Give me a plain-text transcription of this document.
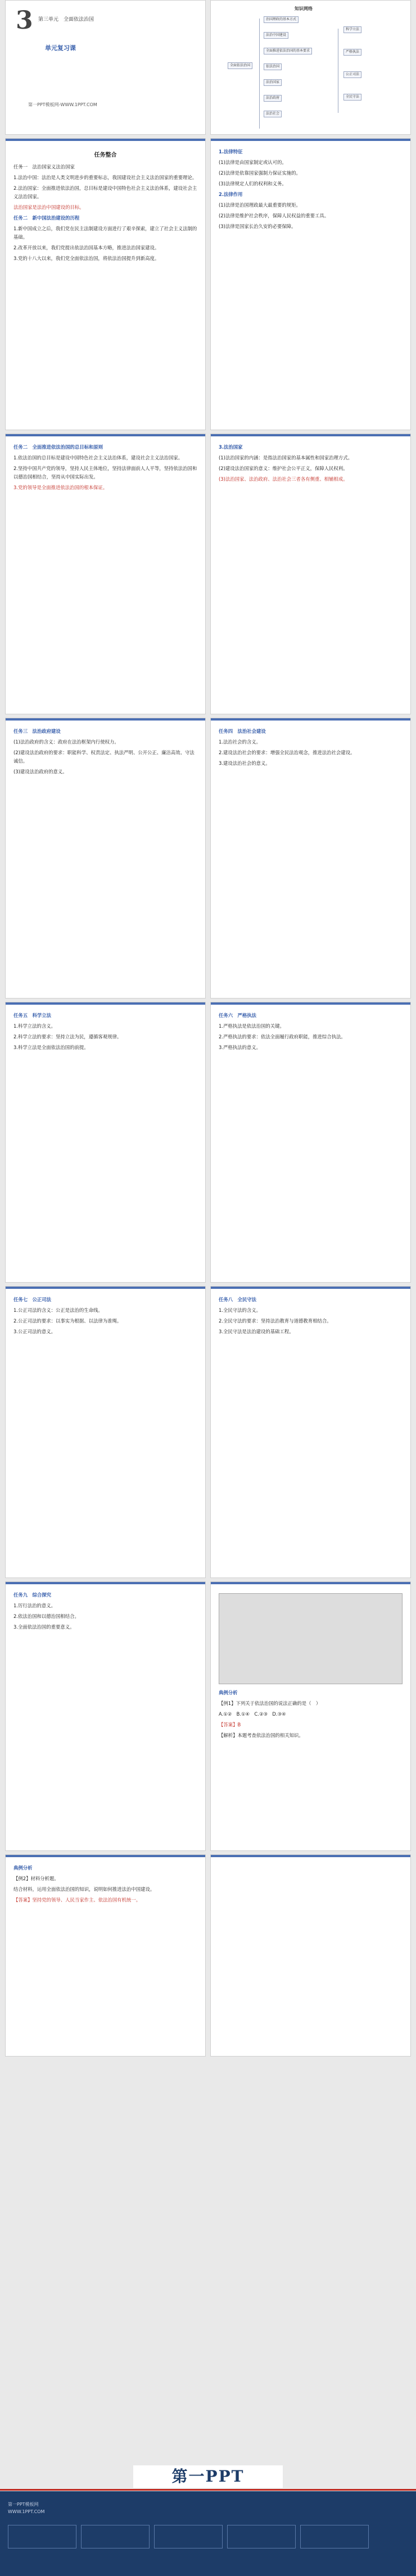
3 第三单元　全面依法治国
单元复习课
第一PPT模板网-WWW.1PPT.COM
知识网络
全面依法治国
治国理政的基本方式
法治中国建设
全面推进依法治国的基本要求
依法治国
法治国家
法治政府
法治社会
科学立法
严格执法
公正司法
全民守法
任务整合

任务一　法治国家义法治国家

1.法治中国：法治是人类文明进步的重要标志，我国建设社会主义法治国家的重要理论。

2.法治国家：全面推进依法治国，总目标是建设中国特色社会主义法治体系，建设社会主义法治国家。

法治国家是法治中国建设的目标。

任务二　新中国法治建设的历程

1.新中国成立之后，我们党在民主法制建设方面进行了艰辛探索，建立了社会主义法制的基础。

2.改革开放以来，我们党提出依法治国基本方略，推进法治国家建设。

3.党的十八大以来，我们党全面依法治国，将依法治国提升到新高度。

1.法律特征

(1)法律是由国家制定或认可的。

(2)法律是依靠国家强制力保证实施的。

(3)法律规定人们的权利和义务。

2.法律作用

(1)法律是治国理政最大最重要的规矩。

(2)法律是维护社会秩序，保障人民权益的重要工具。

(3)法律是国家长治久安的必要保障。

任务二　全面推进依法治国的总目标和原则

1.依法治国的总目标是建设中国特色社会主义法治体系，建设社会主义法治国家。

2.坚持中国共产党的领导，坚持人民主体地位，坚持法律面前人人平等，坚持依法治国和以德治国相结合，坚持从中国实际出发。

3.党的领导是全面推进依法治国的根本保证。

3.法治国家

(1)法治国家的内涵：是指法治国家的基本属性和国家治理方式。

(2)建设法治国家的意义：维护社会公平正义，保障人民权利。

(3)法治国家、法治政府、法治社会三者各有侧重、相辅相成。

任务三　法治政府建设

(1)法治政府的含义：政府在法治框架内行使权力。

(2)建设法治政府的要求：职能科学、权责法定、执法严明、公开公正、廉洁高效、守法诚信。

(3)建设法治政府的意义。

任务四　法治社会建设

1.法治社会的含义。

2.建设法治社会的要求：增强全民法治观念，推进法治社会建设。

3.建设法治社会的意义。

任务五　科学立法

1.科学立法的含义。

2.科学立法的要求：坚持立法为民，遵循客观规律。

3.科学立法是全面依法治国的前提。

任务六　严格执法

1.严格执法是依法治国的关键。

2.严格执法的要求：依法全面履行政府职能，推进综合执法。

3.严格执法的意义。

任务七　公正司法

1.公正司法的含义：公正是法治的生命线。

2.公正司法的要求：以事实为根据、以法律为准绳。

3.公正司法的意义。

任务八　全民守法

1.全民守法的含义。

2.全民守法的要求：坚持法治教育与道德教育相结合。

3.全民守法是法治建设的基础工程。

任务九　综合探究

1.厉行法治的意义。

2.依法治国和以德治国相结合。

3.全面依法治国的重要意义。

典例分析

【例1】下列关于依法治国的说法正确的是（　）

A.①②　B.①④　C.②③　D.③④

【答案】B

【解析】本题考查依法治国的相关知识。

典例分析

【例2】材料分析题。

结合材料，运用全面依法治国的知识，说明如何推进法治中国建设。

【答案】坚持党的领导、人民当家作主、依法治国有机统一。

第一PPT
第一PPT模板网
WWW.1PPT.COM
